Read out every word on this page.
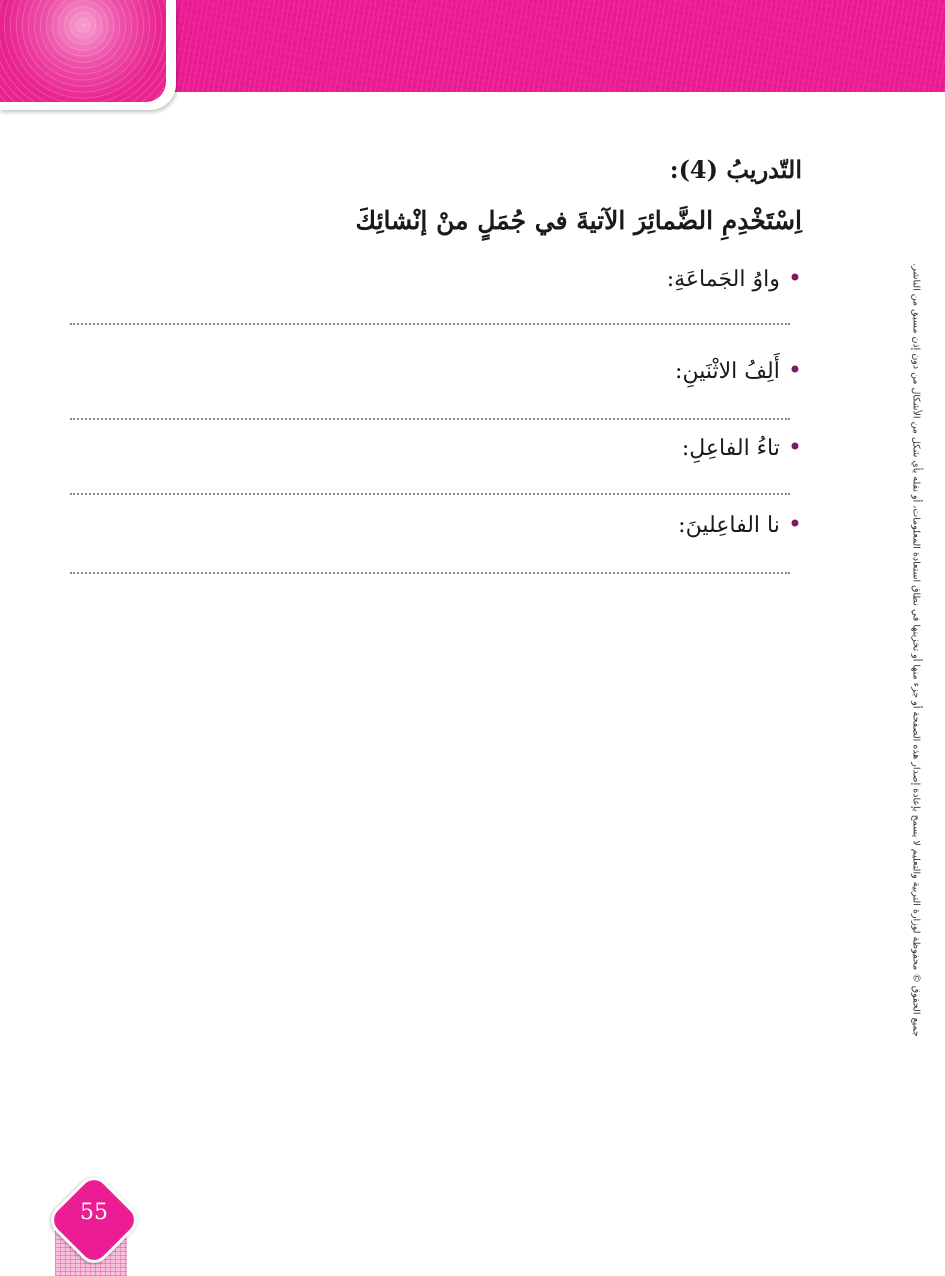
التّدريبُ (4):
اِسْتَخْدِمِ الضَّمائِرَ الآتيةَ في جُمَلٍ منْ إنْشائِكَ
•واوُ الجَماعَةِ:
•أَلِفُ الاثْنَينِ:
•تاءُ الفاعِلِ:
•نا الفاعِلينَ:	جميع الحقوق © محفوظة لوزارة التربية والتعليم لا يسمح بإعادة إصدار هذه الصفحة أو جزء منها أو تخزينها في نطاق استعادة المعلومات، أو نقله بأي شكل من الأشكال من دون إذن مسبق من الناشر.
55
